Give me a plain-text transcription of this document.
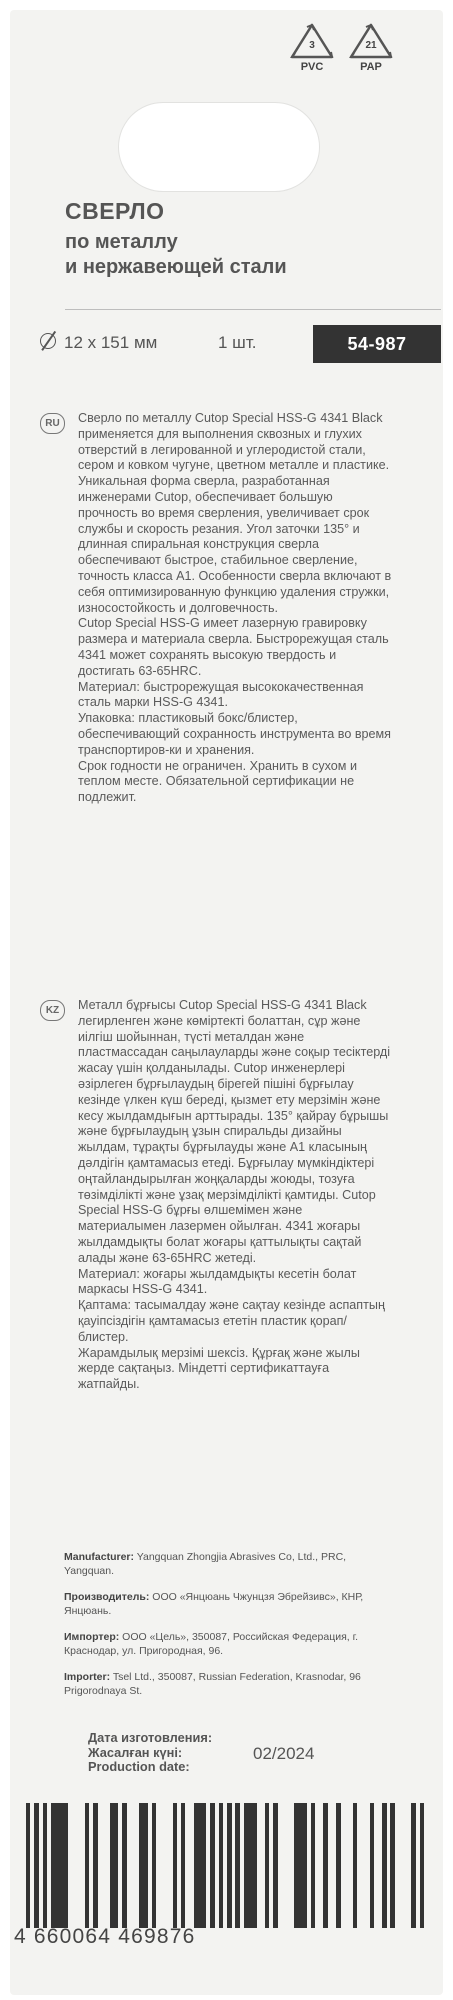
3
PVC
21
PAP
СВЕРЛО
по металлу
и нержавеющей стали
12 x 151 мм	1 шт.	54-987
RU	Сверло по металлу Cutop Special HSS-G 4341 Black применяется для выполнения сквозных и глухих отверстий в легированной и углеродистой стали, сером и ковком чугуне, цветном металле и пластике.

Уникальная форма сверла, разработанная инженерами Cutop, обеспечивает большую прочность во время сверления, увеличивает срок службы и скорость резания. Угол заточки 135° и длинная спиральная конструкция сверла обеспечивают быстрое, стабильное сверление, точность класса А1. Особенности сверла включают в себя оптимизированную функцию удаления стружки, износостойкость и долговечность.

Cutop Special HSS-G имеет лазерную гравировку размера и материала сверла. Быстрорежущая сталь 4341 может сохранять высокую твердость и достигать 63-65HRC.

Материал: быстрорежущая высококачественная сталь марки HSS-G 4341.

Упаковка: пластиковый бокс/блистер, обеспечивающий сохранность инструмента во время транспортиров-ки и хранения.

Срок годности не ограничен. Хранить в сухом и теплом месте. Обязательной сертификации не подлежит.

KZ	Металл бұрғысы Cutop Special HSS-G 4341 Black легирленген және көміртекті болаттан, сұр және иілгіш шойыннан, түсті металдан және пластмассадан саңылауларды және соқыр тесіктерді жасау үшін қолданылады. Cutop инженерлері әзірлеген бұрғылаудың бірегей пішіні бұрғылау кезінде үлкен күш береді, қызмет ету мерзімін және кесу жылдамдығын арттырады. 135° қайрау бұрышы және бұрғылаудың ұзын спиральды дизайны жылдам, тұрақты бұрғылауды және А1 класының дәлдігін қамтамасыз етеді. Бұрғылау мүмкіндіктері оңтайландырылған жоңқаларды жоюды, тозуға төзімділікті және ұзақ мерзімділікті қамтиды. Cutop Special HSS-G бұрғы өлшемімен және материалымен лазермен ойылған. 4341 жоғары жылдамдықты болат жоғары қаттылықты сақтай алады және 63-65HRC жетеді.

Материал: жоғары жылдамдықты кесетін болат маркасы HSS-G 4341.

Қаптама: тасымалдау және сақтау кезінде аспаптың қауіпсіздігін қамтамасыз ететін пластик қорап/блистер.

Жарамдылық мерзімі шексіз. Құрғақ және жылы жерде сақтаңыз. Міндетті сертификаттауға жатпайды.

Manufacturer: Yangquan Zhongjia Abrasives Co, Ltd., PRC, Yangquan.
Производитель: ООО «Янцюань Чжунцзя Эбрейзивс», КНР, Янцюань.
Импортер: ООО «Цель», 350087, Российская Федерация, г. Краснодар, ул. Пригородная, 96.
Importer: Tsel Ltd., 350087, Russian Federation, Krasnodar, 96 Prigorodnaya St.
Дата изготовления:
Жасалған күні:
Production date:
02/2024
4 660064 469876
